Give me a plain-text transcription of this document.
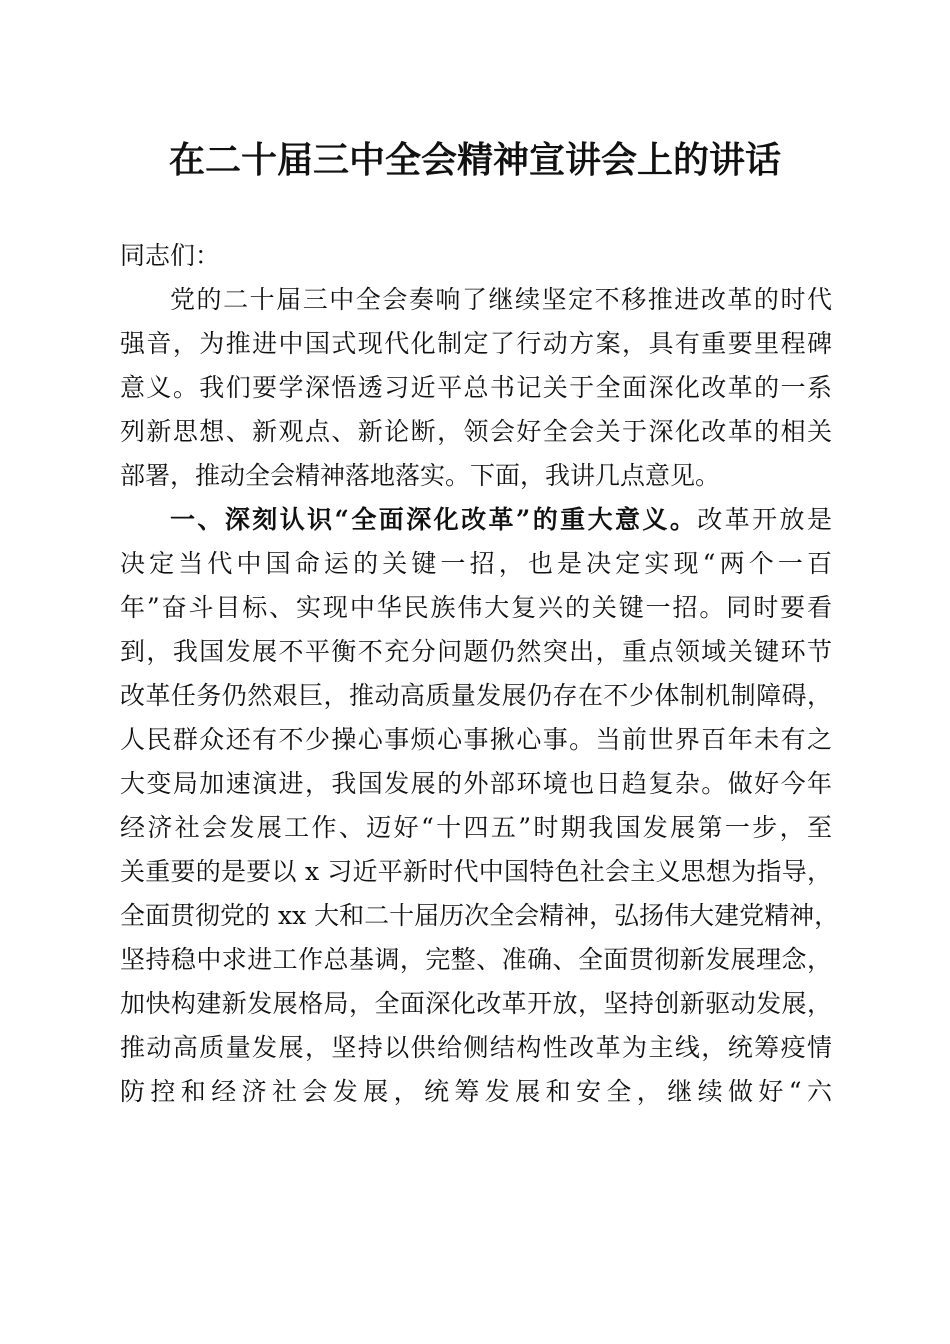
在二十届三中全会精神宣讲会上的讲话
同志们：
党的二十届三中全会奏响了继续坚定不移推进改革的时代
强音，为推进中国式现代化制定了行动方案，具有重要里程碑
意义。我们要学深悟透习近平总书记关于全面深化改革的一系
列新思想、新观点、新论断，领会好全会关于深化改革的相关
部署，推动全会精神落地落实。下面，我讲几点意见。
一、深刻认识“全面深化改革”的重大意义。改革开放是
决定当代中国命运的关键一招，也是决定实现“两个一百
年”奋斗目标、实现中华民族伟大复兴的关键一招。同时要看
到，我国发展不平衡不充分问题仍然突出，重点领域关键环节
改革任务仍然艰巨，推动高质量发展仍存在不少体制机制障碍，
人民群众还有不少操心事烦心事揪心事。当前世界百年未有之
大变局加速演进，我国发展的外部环境也日趋复杂。做好今年
经济社会发展工作、迈好“十四五”时期我国发展第一步，至
关重要的是要以 x 习近平新时代中国特色社会主义思想为指导，
全面贯彻党的 xx 大和二十届历次全会精神，弘扬伟大建党精神，
坚持稳中求进工作总基调，完整、准确、全面贯彻新发展理念，
加快构建新发展格局，全面深化改革开放，坚持创新驱动发展，
推动高质量发展，坚持以供给侧结构性改革为主线，统筹疫情
防控和经济社会发展，统筹发展和安全，继续做好“六
